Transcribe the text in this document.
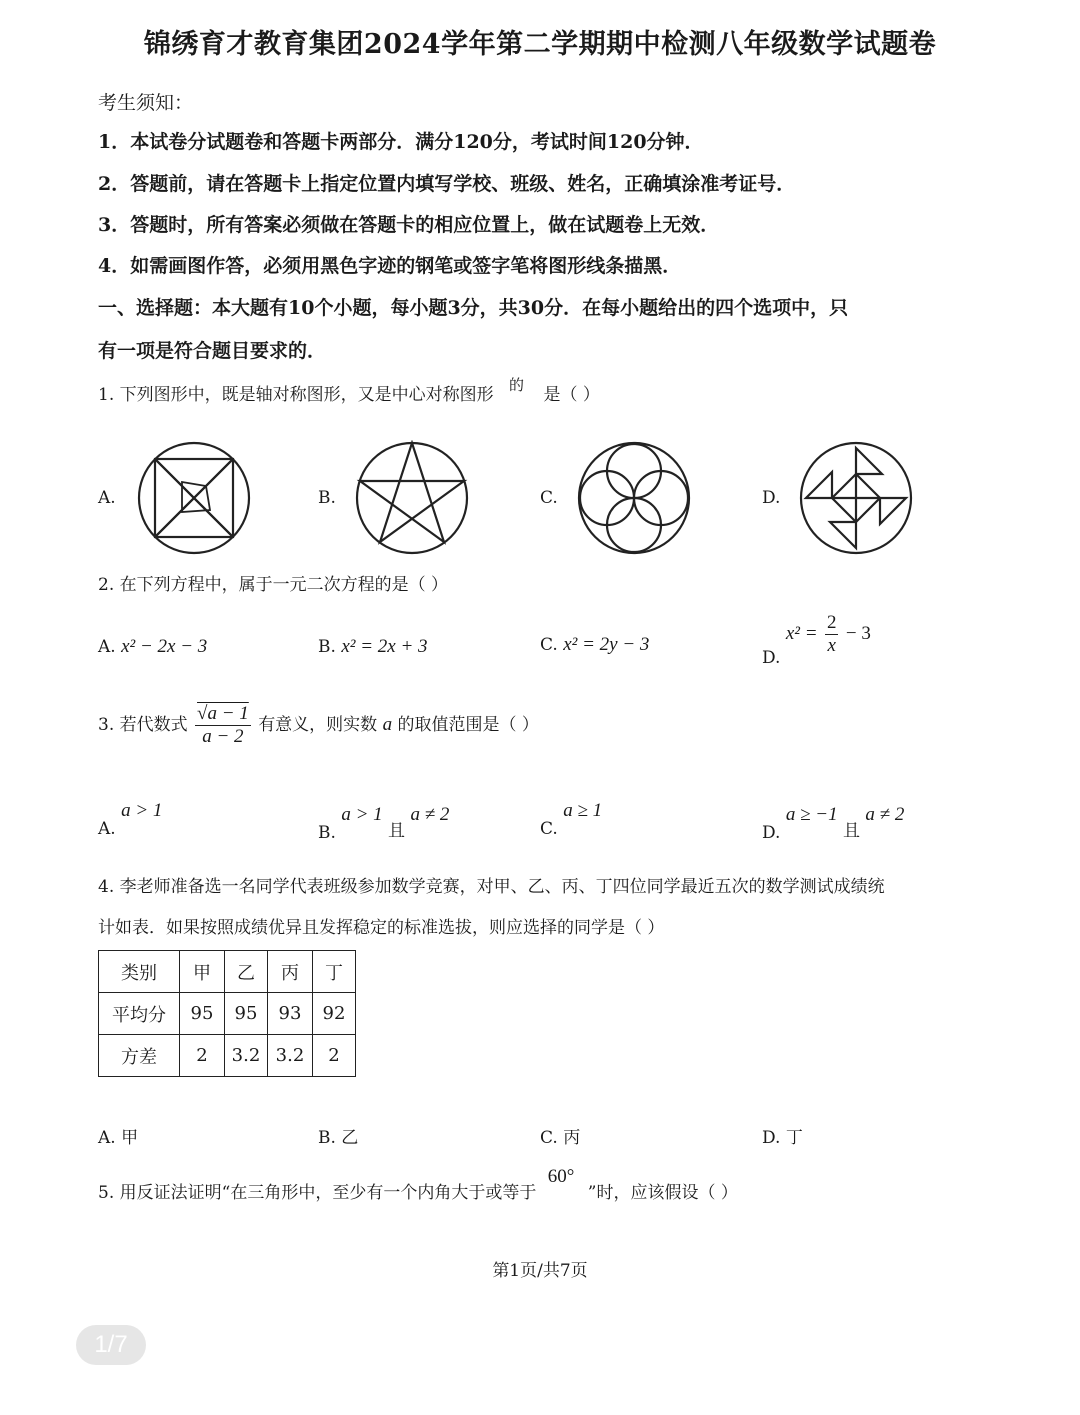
锦绣育才教育集团2024学年第二学期期中检测八年级数学试题卷
考生须知：
1．本试卷分试题卷和答题卡两部分．满分120分，考试时间120分钟．
2．答题前，请在答题卡上指定位置内填写学校、班级、姓名，正确填涂准考证号．
3．答题时，所有答案必须做在答题卡的相应位置上，做在试题卷上无效．
4．如需画图作答，必须用黑色字迹的钢笔或签字笔将图形线条描黑．
一、选择题：本大题有10个小题，每小题3分，共30分．在每小题给出的四个选项中，只
有一项是符合题目要求的．
1. 下列图形中，既是轴对称图形，又是中心对称图形 的 是（ ）
A.	B.	C.	D.
2. 在下列方程中，属于一元二次方程的是（ ）
A. x² − 2x − 3	B. x² = 2x + 3	C. x² = 2y − 3
D. $x^2 = \frac{2}{x} - 3$
3. 若代数式 $\frac{√a - 1}{a - 2}$ 有意义，则实数 a 的取值范围是（ ）
A. a > 1
B. a > 1 且 a ≠ 2
C. a ≥ 1
D. a ≥ −1 且 a ≠ 2
4. 李老师准备选一名同学代表班级参加数学竞赛，对甲、乙、丙、丁四位同学最近五次的数学测试成绩统
计如表．如果按照成绩优异且发挥稳定的标准选拔，则应选择的同学是（ ）
类别	甲	乙	丙	丁
平均分	95	95	93	92
方差	2	3.2	3.2	2
A. 甲	B. 乙	C. 丙	D. 丁
5. 用反证法证明“在三角形中，至少有一个内角大于或等于 60° ”时，应该假设（ ）
第1页/共7页
1/7
